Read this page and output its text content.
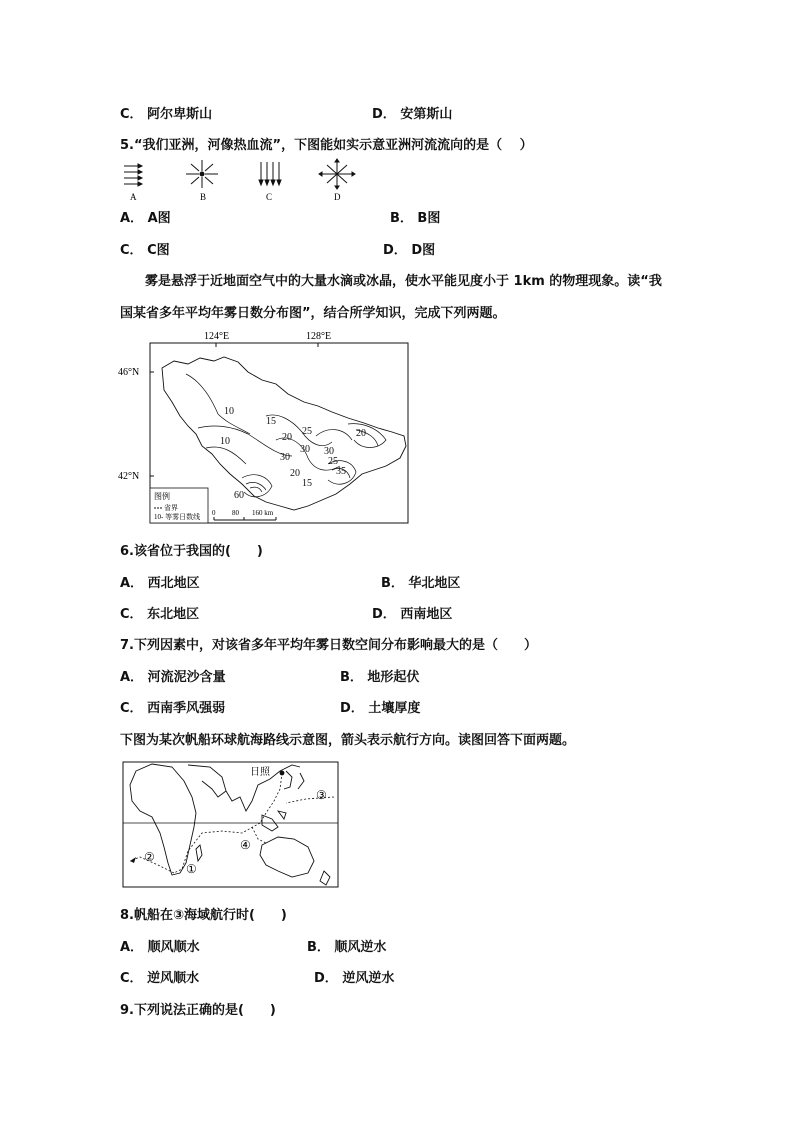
C． 阿尔卑斯山	D． 安第斯山
5.“我们亚洲，河像热血流”，下图能如实示意亚洲河流流向的是（　 ）
A	B	C	D
A． A图	B． B图
C． C图	D． D图
雾是悬浮于近地面空气中的大量水滴或冰晶，使水平能见度小于 1km 的物理现象。读“我
国某省多年平均年雾日数分布图”，结合所学知识，完成下列两题。
124°E	128°E
46°N
42°N
10
15
25
20
10
30
20
25
30
35
20
30
15
60
图例
省界
10- 等雾日数线 0 80 160 km
6.该省位于我国的(　　)
A． 西北地区	B． 华北地区
C． 东北地区	D． 西南地区
7.下列因素中，对该省多年平均年雾日数空间分布影响最大的是（　　）
A． 河流泥沙含量	B． 地形起伏
C． 西南季风强弱	D． 土壤厚度
下图为某次帆船环球航海路线示意图，箭头表示航行方向。读图回答下面两题。
日照
③
②
④
①
8.帆船在③海域航行时(　　)
A． 顺风顺水	B． 顺风逆水
C． 逆风顺水	D． 逆风逆水
9.下列说法正确的是(　　)
